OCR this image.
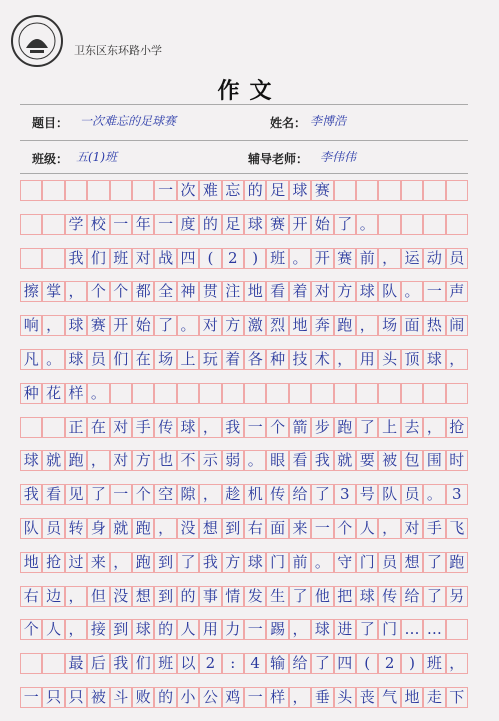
卫东区东环路小学
作文
题目： 一次难忘的足球赛	姓名： 李博浩
班级： 五(1)班	辅导老师： 李伟伟
一 次 难 忘 的 足 球 赛
学 校 一 年 一 度 的 足 球 赛 开 始 了 。
我 们 班 对 战 四 ( 2 ) 班 。 开 赛 前 ， 运 动 员
擦 掌 ， 个 个 都 全 神 贯 注 地 看 着 对 方 球 队 。 一 声
响 ， 球 赛 开 始 了 。 对 方 激 烈 地 奔 跑 ， 场 面 热 闹
凡 。 球 员 们 在 场 上 玩 着 各 种 技 术 ， 用 头 顶 球 ，
种 花 样 。
正 在 对 手 传 球 ， 我 一 个 箭 步 跑 了 上 去 ， 抢
球 就 跑 ， 对 方 也 不 示 弱 。 眼 看 我 就 要 被 包 围 时
我 看 见 了 一 个 空 隙 ， 趁 机 传 给 了 3 号 队 员 。 3
队 员 转 身 就 跑 ， 没 想 到 右 面 来 一 个 人 ， 对 手 飞
地 抢 过 来 ， 跑 到 了 我 方 球 门 前 。 守 门 员 想 了 跑
右 边 ， 但 没 想 到 的 事 情 发 生 了 他 把 球 传 给 了 另
个 人 ， 接 到 球 的 人 用 力 一 踢 ， 球 进 了 门 … …
最 后 我 们 班 以 2	:	4 输 给 了 四 ( 2 ) 班 ，
一 只 只 被 斗 败 的 小 公 鸡 一 样 ， 垂 头 丧 气 地 走 下
